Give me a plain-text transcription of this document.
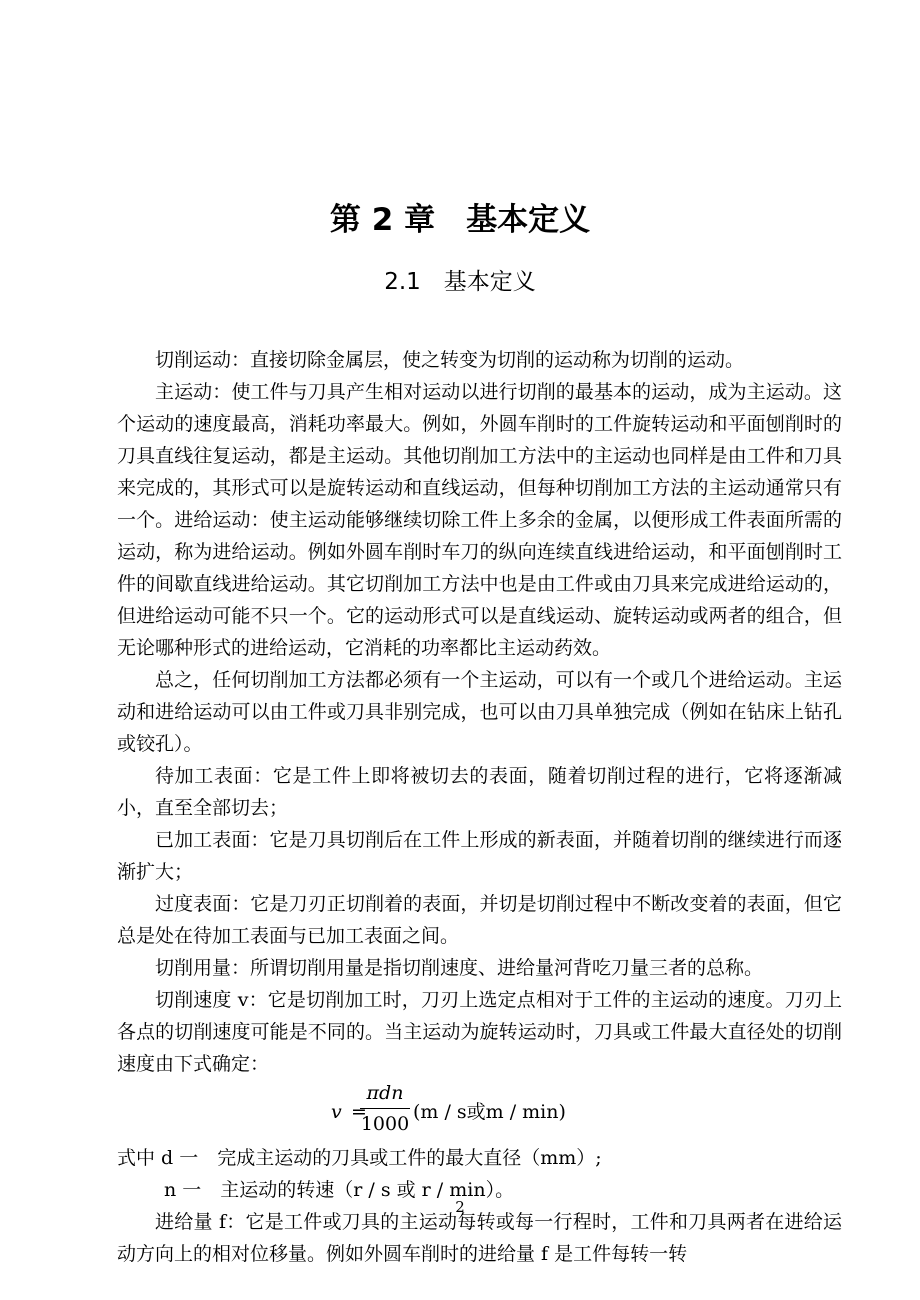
第 2 章　基本定义
2.1　基本定义

切削运动：直接切除金属层，使之转变为切削的运动称为切削的运动。

主运动：使工件与刀具产生相对运动以进行切削的最基本的运动，成为主运动。这个运动的速度最高，消耗功率最大。例如，外圆车削时的工件旋转运动和平面刨削时的刀具直线往复运动，都是主运动。其他切削加工方法中的主运动也同样是由工件和刀具来完成的，其形式可以是旋转运动和直线运动，但每种切削加工方法的主运动通常只有一个。进给运动：使主运动能够继续切除工件上多余的金属，以便形成工件表面所需的运动，称为进给运动。例如外圆车削时车刀的纵向连续直线进给运动，和平面刨削时工件的间歇直线进给运动。其它切削加工方法中也是由工件或由刀具来完成进给运动的，但进给运动可能不只一个。它的运动形式可以是直线运动、旋转运动或两者的组合，但无论哪种形式的进给运动，它消耗的功率都比主运动药效。

总之，任何切削加工方法都必须有一个主运动，可以有一个或几个进给运动。主运动和进给运动可以由工件或刀具非别完成，也可以由刀具单独完成（例如在钻床上钻孔或铰孔）。

待加工表面：它是工件上即将被切去的表面，随着切削过程的进行，它将逐渐减小，直至全部切去；

已加工表面：它是刀具切削后在工件上形成的新表面，并随着切削的继续进行而逐渐扩大；

过度表面：它是刀刃正切削着的表面，并切是切削过程中不断改变着的表面，但它总是处在待加工表面与已加工表面之间。

切削用量：所谓切削用量是指切削速度、进给量河背吃刀量三者的总称。

切削速度 v：它是切削加工时，刀刃上选定点相对于工件的主运动的速度。刀刃上各点的切削速度可能是不同的。当主运动为旋转运动时，刀具或工件最大直径处的切削速度由下式确定：

v =
πdn
1000
(m / s或m / min)

式中 d 一　完成主运动的刀具或工件的最大直径（mm）;

n 一　主运动的转速（r / s 或 r / min）。

进给量 f：它是工件或刀具的主运动每转或每一行程时，工件和刀具两者在进给运动方向上的相对位移量。例如外圆车削时的进给量 f 是工件每转一转

2
